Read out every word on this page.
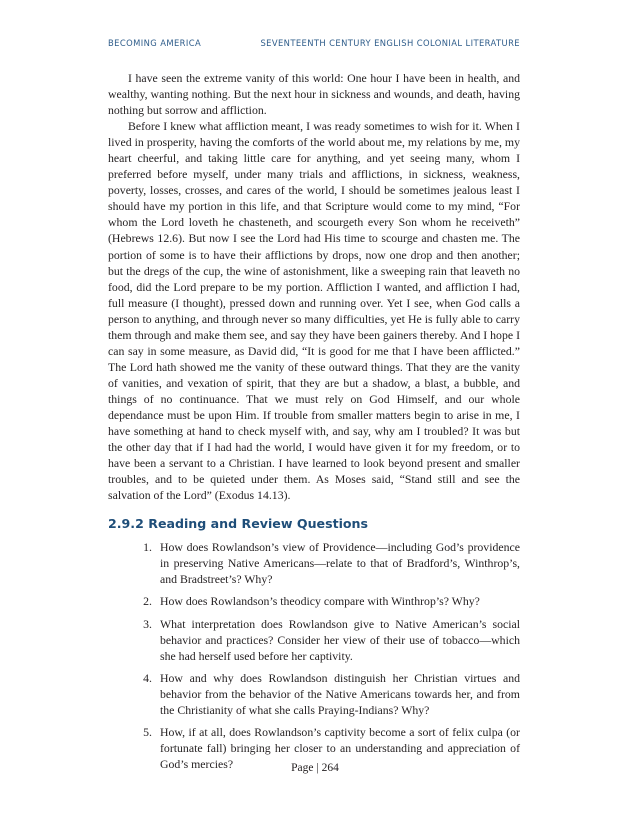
BECOMING AMERICA	SEVENTEENTH CENTURY ENGLISH COLONIAL LITERATURE

I have seen the extreme vanity of this world: One hour I have been in health, and wealthy, wanting nothing. But the next hour in sickness and wounds, and death, having nothing but sorrow and affliction.

Before I knew what affliction meant, I was ready sometimes to wish for it. When I lived in prosperity, having the comforts of the world about me, my relations by me, my heart cheerful, and taking little care for anything, and yet seeing many, whom I preferred before myself, under many trials and afflictions, in sickness, weakness, poverty, losses, crosses, and cares of the world, I should be sometimes jealous least I should have my portion in this life, and that Scripture would come to my mind, “For whom the Lord loveth he chasteneth, and scourgeth every Son whom he receiveth” (Hebrews 12.6). But now I see the Lord had His time to scourge and chasten me. The portion of some is to have their afflictions by drops, now one drop and then another; but the dregs of the cup, the wine of astonishment, like a sweeping rain that leaveth no food, did the Lord prepare to be my portion. Affliction I wanted, and affliction I had, full measure (I thought), pressed down and running over. Yet I see, when God calls a person to anything, and through never so many difficulties, yet He is fully able to carry them through and make them see, and say they have been gainers thereby. And I hope I can say in some measure, as David did, “It is good for me that I have been afflicted.” The Lord hath showed me the vanity of these outward things. That they are the vanity of vanities, and vexation of spirit, that they are but a shadow, a blast, a bubble, and things of no continuance. That we must rely on God Himself, and our whole dependance must be upon Him. If trouble from smaller matters begin to arise in me, I have something at hand to check myself with, and say, why am I troubled? It was but the other day that if I had had the world, I would have given it for my freedom, or to have been a servant to a Christian. I have learned to look beyond present and smaller troubles, and to be quieted under them. As Moses said, “Stand still and see the salvation of the Lord” (Exodus 14.13).

2.9.2 Reading and Review Questions
1. How does Rowlandson’s view of Providence—including God’s providence in preserving Native Americans—relate to that of Bradford’s, Winthrop’s, and Bradstreet’s? Why?
2. How does Rowlandson’s theodicy compare with Winthrop’s? Why?
3. What interpretation does Rowlandson give to Native American’s social behavior and practices? Consider her view of their use of tobacco—which she had herself used before her captivity.
4. How and why does Rowlandson distinguish her Christian virtues and behavior from the behavior of the Native Americans towards her, and from the Christianity of what she calls Praying-Indians? Why?
5. How, if at all, does Rowlandson’s captivity become a sort of felix culpa (or fortunate fall) bringing her closer to an understanding and appreciation of God’s mercies?	Page | 264
